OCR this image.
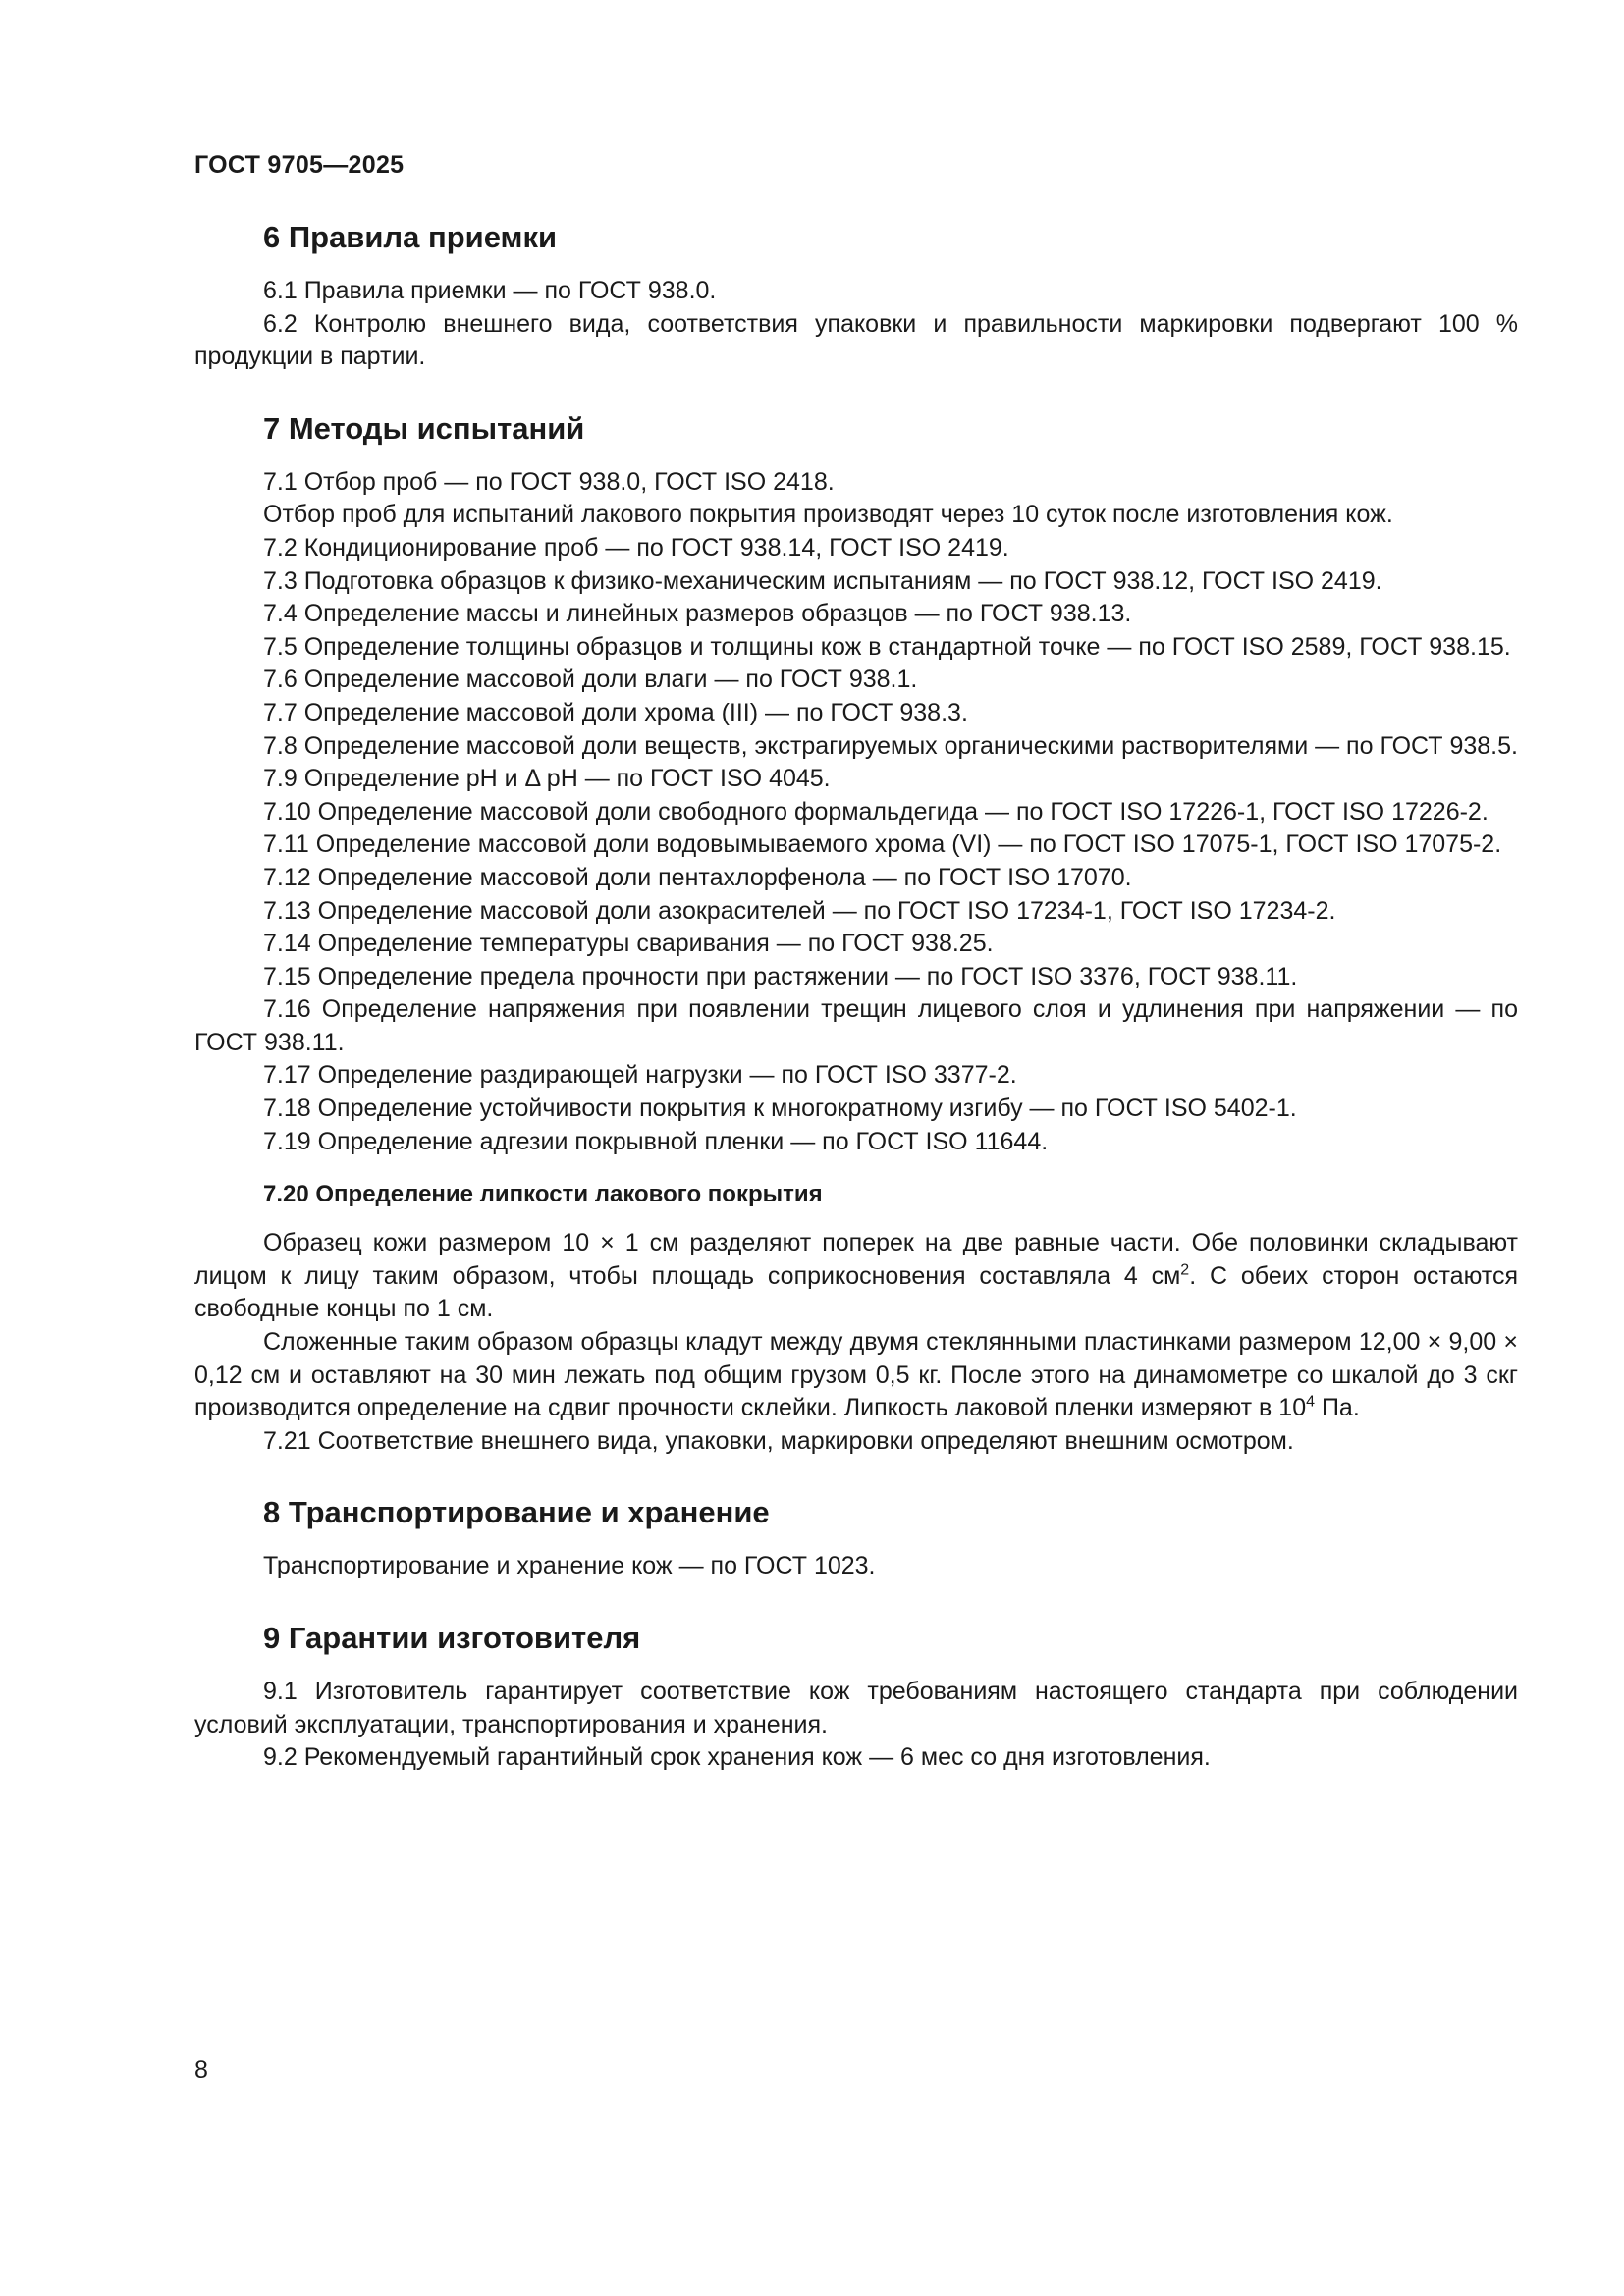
ГОСТ 9705—2025
6 Правила приемки

6.1 Правила приемки — по ГОСТ 938.0.

6.2 Контролю внешнего вида, соответствия упаковки и правильности маркировки подвергают 100 % продукции в партии.

7 Методы испытаний

7.1 Отбор проб — по ГОСТ 938.0, ГОСТ ISO 2418.

Отбор проб для испытаний лакового покрытия производят через 10 суток после изготовления кож.

7.2 Кондиционирование проб — по ГОСТ 938.14, ГОСТ ISO 2419.

7.3 Подготовка образцов к физико-механическим испытаниям — по ГОСТ 938.12, ГОСТ ISO 2419.

7.4 Определение массы и линейных размеров образцов — по ГОСТ 938.13.

7.5 Определение толщины образцов и толщины кож в стандартной точке — по ГОСТ ISO 2589, ГОСТ 938.15.

7.6 Определение массовой доли влаги — по ГОСТ 938.1.

7.7 Определение массовой доли хрома (III) — по ГОСТ 938.3.

7.8 Определение массовой доли веществ, экстрагируемых органическими растворителями — по ГОСТ 938.5.

7.9 Определение pH и Δ pH — по ГОСТ ISO 4045.

7.10 Определение массовой доли свободного формальдегида — по ГОСТ ISO 17226-1, ГОСТ ISO 17226-2.

7.11 Определение массовой доли водовымываемого хрома (VI) — по ГОСТ ISO 17075-1, ГОСТ ISO 17075-2.

7.12 Определение массовой доли пентахлорфенола — по ГОСТ ISO 17070.

7.13 Определение массовой доли азокрасителей — по ГОСТ ISO 17234-1, ГОСТ ISO 17234-2.

7.14 Определение температуры сваривания — по ГОСТ 938.25.

7.15 Определение предела прочности при растяжении — по ГОСТ ISO 3376, ГОСТ 938.11.

7.16 Определение напряжения при появлении трещин лицевого слоя и удлинения при напряжении — по ГОСТ 938.11.

7.17 Определение раздирающей нагрузки — по ГОСТ ISO 3377-2.

7.18 Определение устойчивости покрытия к многократному изгибу — по ГОСТ ISO 5402-1.

7.19 Определение адгезии покрывной пленки — по ГОСТ ISO 11644.

7.20 Определение липкости лакового покрытия

Образец кожи размером 10 × 1 см разделяют поперек на две равные части. Обе половинки складывают лицом к лицу таким образом, чтобы площадь соприкосновения составляла 4 $см^2$. С обеих сторон остаются свободные концы по 1 см.

Сложенные таким образом образцы кладут между двумя стеклянными пластинками размером 12,00 × 9,00 × 0,12 см и оставляют на 30 мин лежать под общим грузом 0,5 кг. После этого на динамометре со шкалой до 3 скг производится определение на сдвиг прочности склейки. Липкость лаковой пленки измеряют в $10^4$ Па.

7.21 Соответствие внешнего вида, упаковки, маркировки определяют внешним осмотром.

8 Транспортирование и хранение

Транспортирование и хранение кож — по ГОСТ 1023.

9 Гарантии изготовителя

9.1 Изготовитель гарантирует соответствие кож требованиям настоящего стандарта при соблюдении условий эксплуатации, транспортирования и хранения.

9.2 Рекомендуемый гарантийный срок хранения кож — 6 мес со дня изготовления.

8
